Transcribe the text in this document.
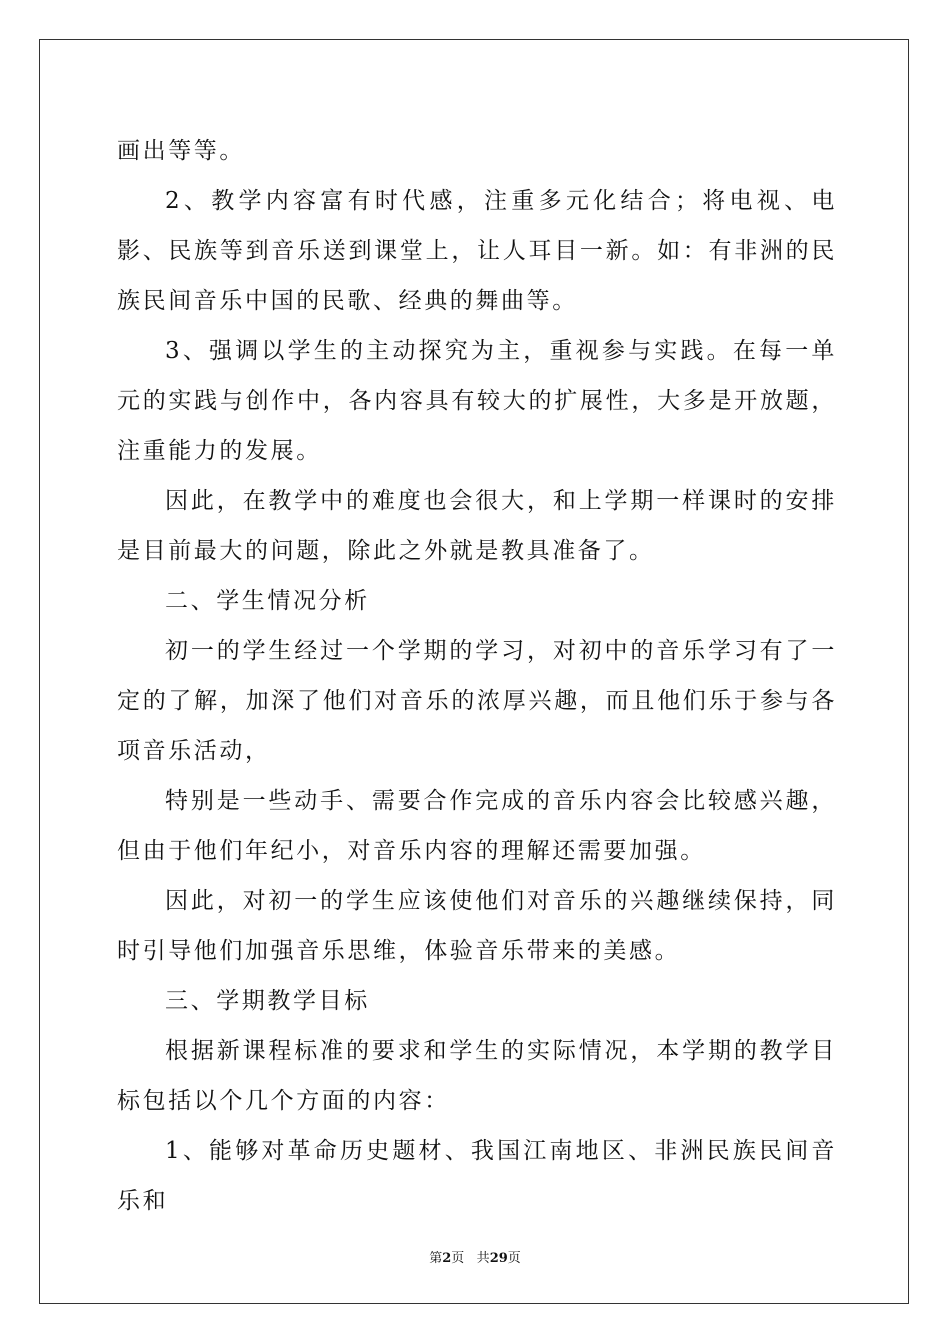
画出等等。

2、教学内容富有时代感，注重多元化结合；将电视、电影、民族等到音乐送到课堂上，让人耳目一新。如：有非洲的民族民间音乐中国的民歌、经典的舞曲等。

3、强调以学生的主动探究为主，重视参与实践。在每一单元的实践与创作中，各内容具有较大的扩展性，大多是开放题，注重能力的发展。

因此，在教学中的难度也会很大，和上学期一样课时的安排是目前最大的问题，除此之外就是教具准备了。

二、学生情况分析

初一的学生经过一个学期的学习，对初中的音乐学习有了一定的了解，加深了他们对音乐的浓厚兴趣，而且他们乐于参与各项音乐活动，

特别是一些动手、需要合作完成的音乐内容会比较感兴趣，但由于他们年纪小，对音乐内容的理解还需要加强。

因此，对初一的学生应该使他们对音乐的兴趣继续保持，同时引导他们加强音乐思维，体验音乐带来的美感。

三、学期教学目标

根据新课程标准的要求和学生的实际情况，本学期的教学目标包括以个几个方面的内容：

1、能够对革命历史题材、我国江南地区、非洲民族民间音乐和

第2页 共29页
